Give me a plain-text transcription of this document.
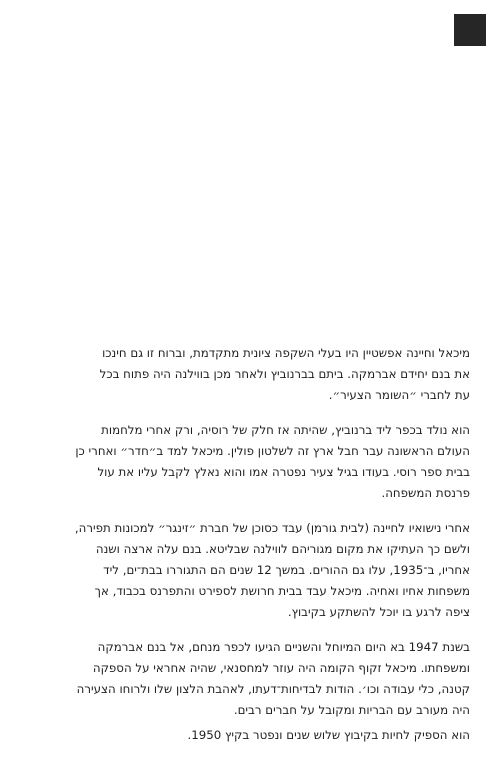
מיכאל וחיינה אפשטיין היו בעלי השקפה ציונית מתקדמת, וברוח זו גם חינכו
את בנם יחידם אברמקה. ביתם בברנוביץ ולאחר מכן בווילנה היה פתוח בכל
עת לחברי ״השומר הצעיר״.
הוא נולד בכפר ליד ברנוביץ, שהיתה אז חלק של רוסיה, ורק אחרי מלחמות
העולם הראשונה עבר חבל ארץ זה לשלטון פולין. מיכאל למד ב״חדר״ ואחרי כן
בבית ספר רוסי. בעודו בגיל צעיר נפטרה אמו והוא נאלץ לקבל עליו את עול
פרנסת המשפחה.
אחרי נישואיו לחיינה (לבית גורמן) עבד כסוכן של חברת ״זינגר״ למכונות תפירה,
ולשם כך העתיקו את מקום מגוריהם לווילנה שבליטא. בנם עלה ארצה ושנה
אחריו, ב־1935, עלו גם ההורים. במשך 12 שנים הם התגוררו בבת־ים, ליד
משפחות אחיו ואחיה. מיכאל עבד בבית חרושת לספירט והתפרנס בכבוד, אך
ציפה לרגע בו יוכל להשתקע בקיבוץ.
בשנת 1947 בא היום המיוחל והשניים הגיעו לכפר מנחם, אל בנם אברמקה
ומשפחתו. מיכאל זקוף הקומה היה עוזר למחסנאי, שהיה אחראי על הספקה
קטנה, כלי עבודה וכו׳. הודות לבדיחות־דעתו, לאהבת הלצון שלו ולרוחו הצעירה
היה מעורב עם הבריות ומקובל על חברים רבים.
הוא הספיק לחיות בקיבוץ שלוש שנים ונפטר בקיץ 1950.
